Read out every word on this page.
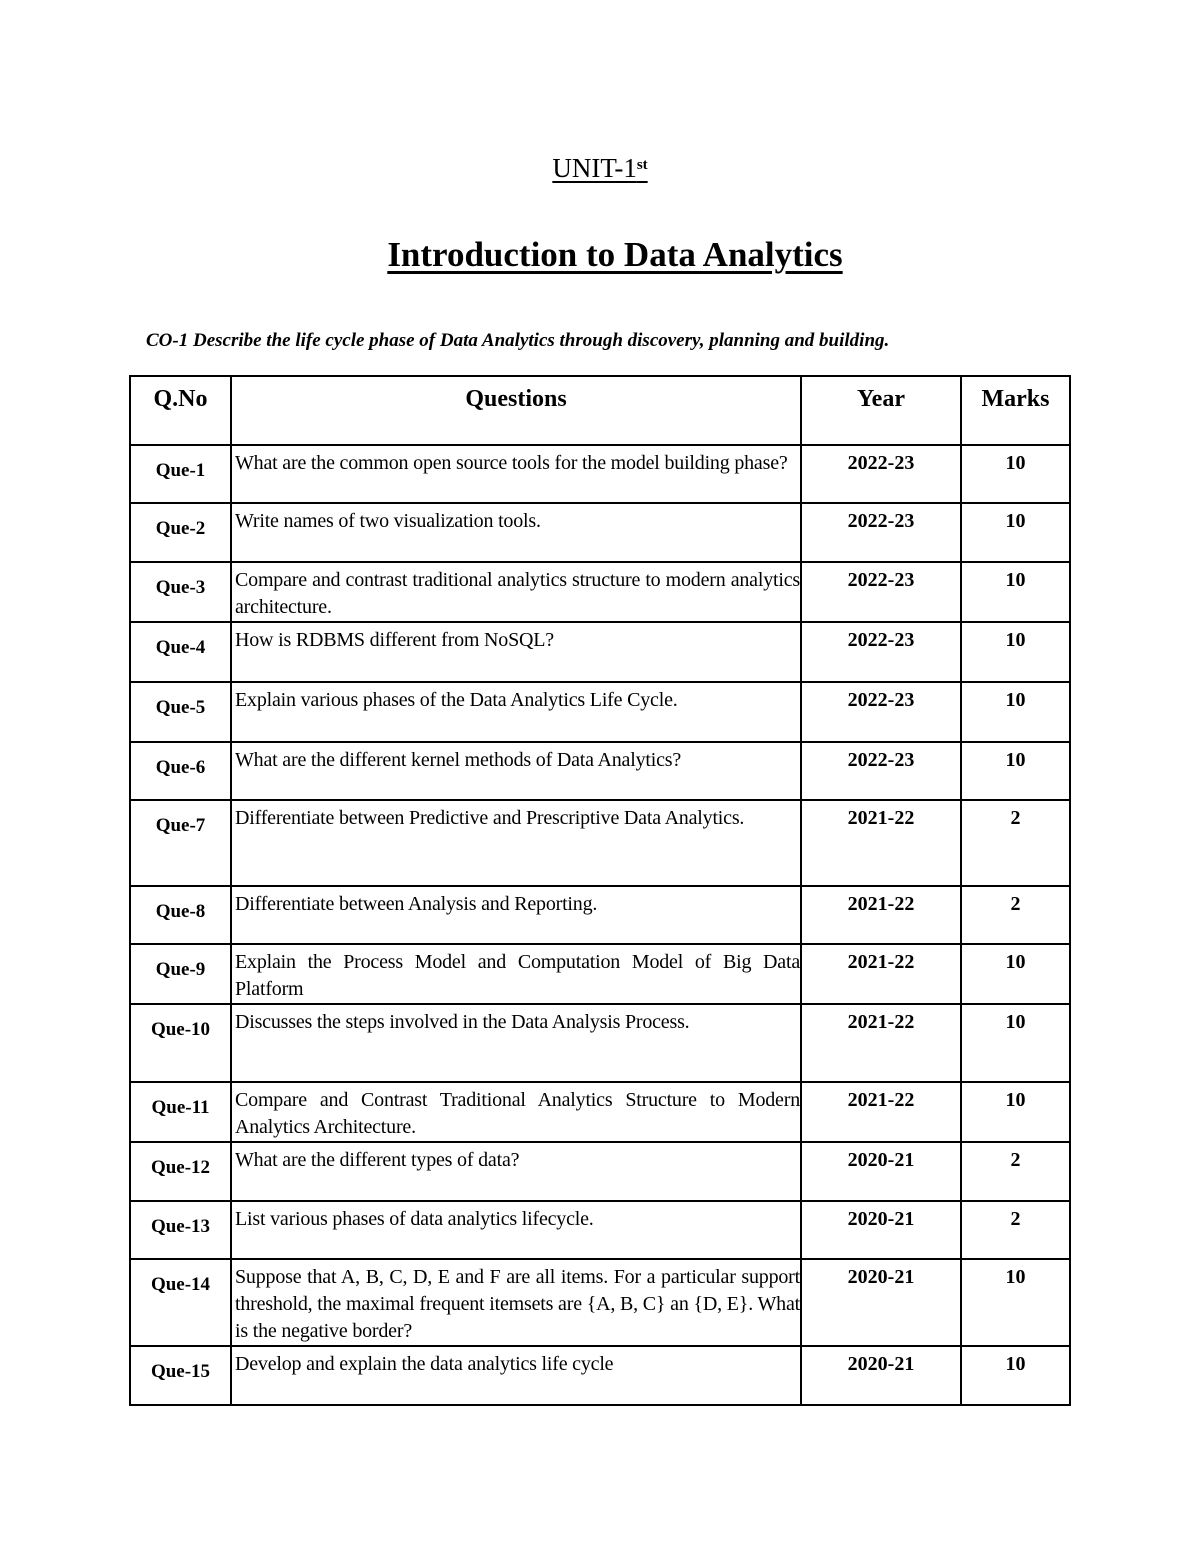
UNIT-1st
Introduction to Data Analytics
CO-1 Describe the life cycle phase of Data Analytics through discovery, planning and building.
Q.No	Questions	Year	Marks
Que-1	What are the common open source tools for the model building phase?	2022-23	10
Que-2	Write names of two visualization tools.	2022-23	10
Que-3	Compare and contrast traditional analytics structure to modern analytics architecture.	2022-23	10
Que-4	How is RDBMS different from NoSQL?	2022-23	10
Que-5	Explain various phases of the Data Analytics Life Cycle.	2022-23	10
Que-6	What are the different kernel methods of Data Analytics?	2022-23	10
Que-7	Differentiate between Predictive and Prescriptive Data Analytics.	2021-22	2
Que-8	Differentiate between Analysis and Reporting.	2021-22	2
Que-9	Explain the Process Model and Computation Model of Big Data Platform	2021-22	10
Que-10	Discusses the steps involved in the Data Analysis Process.	2021-22	10
Que-11	Compare and Contrast Traditional Analytics Structure to Modern Analytics Architecture.	2021-22	10
Que-12	What are the different types of data?	2020-21	2
Que-13	List various phases of data analytics lifecycle.	2020-21	2
Que-14	Suppose that A, B, C, D, E and F are all items. For a particular support threshold, the maximal frequent itemsets are {A, B, C} an {D, E}. What is the negative border?	2020-21	10
Que-15	Develop and explain the data analytics life cycle	2020-21	10
